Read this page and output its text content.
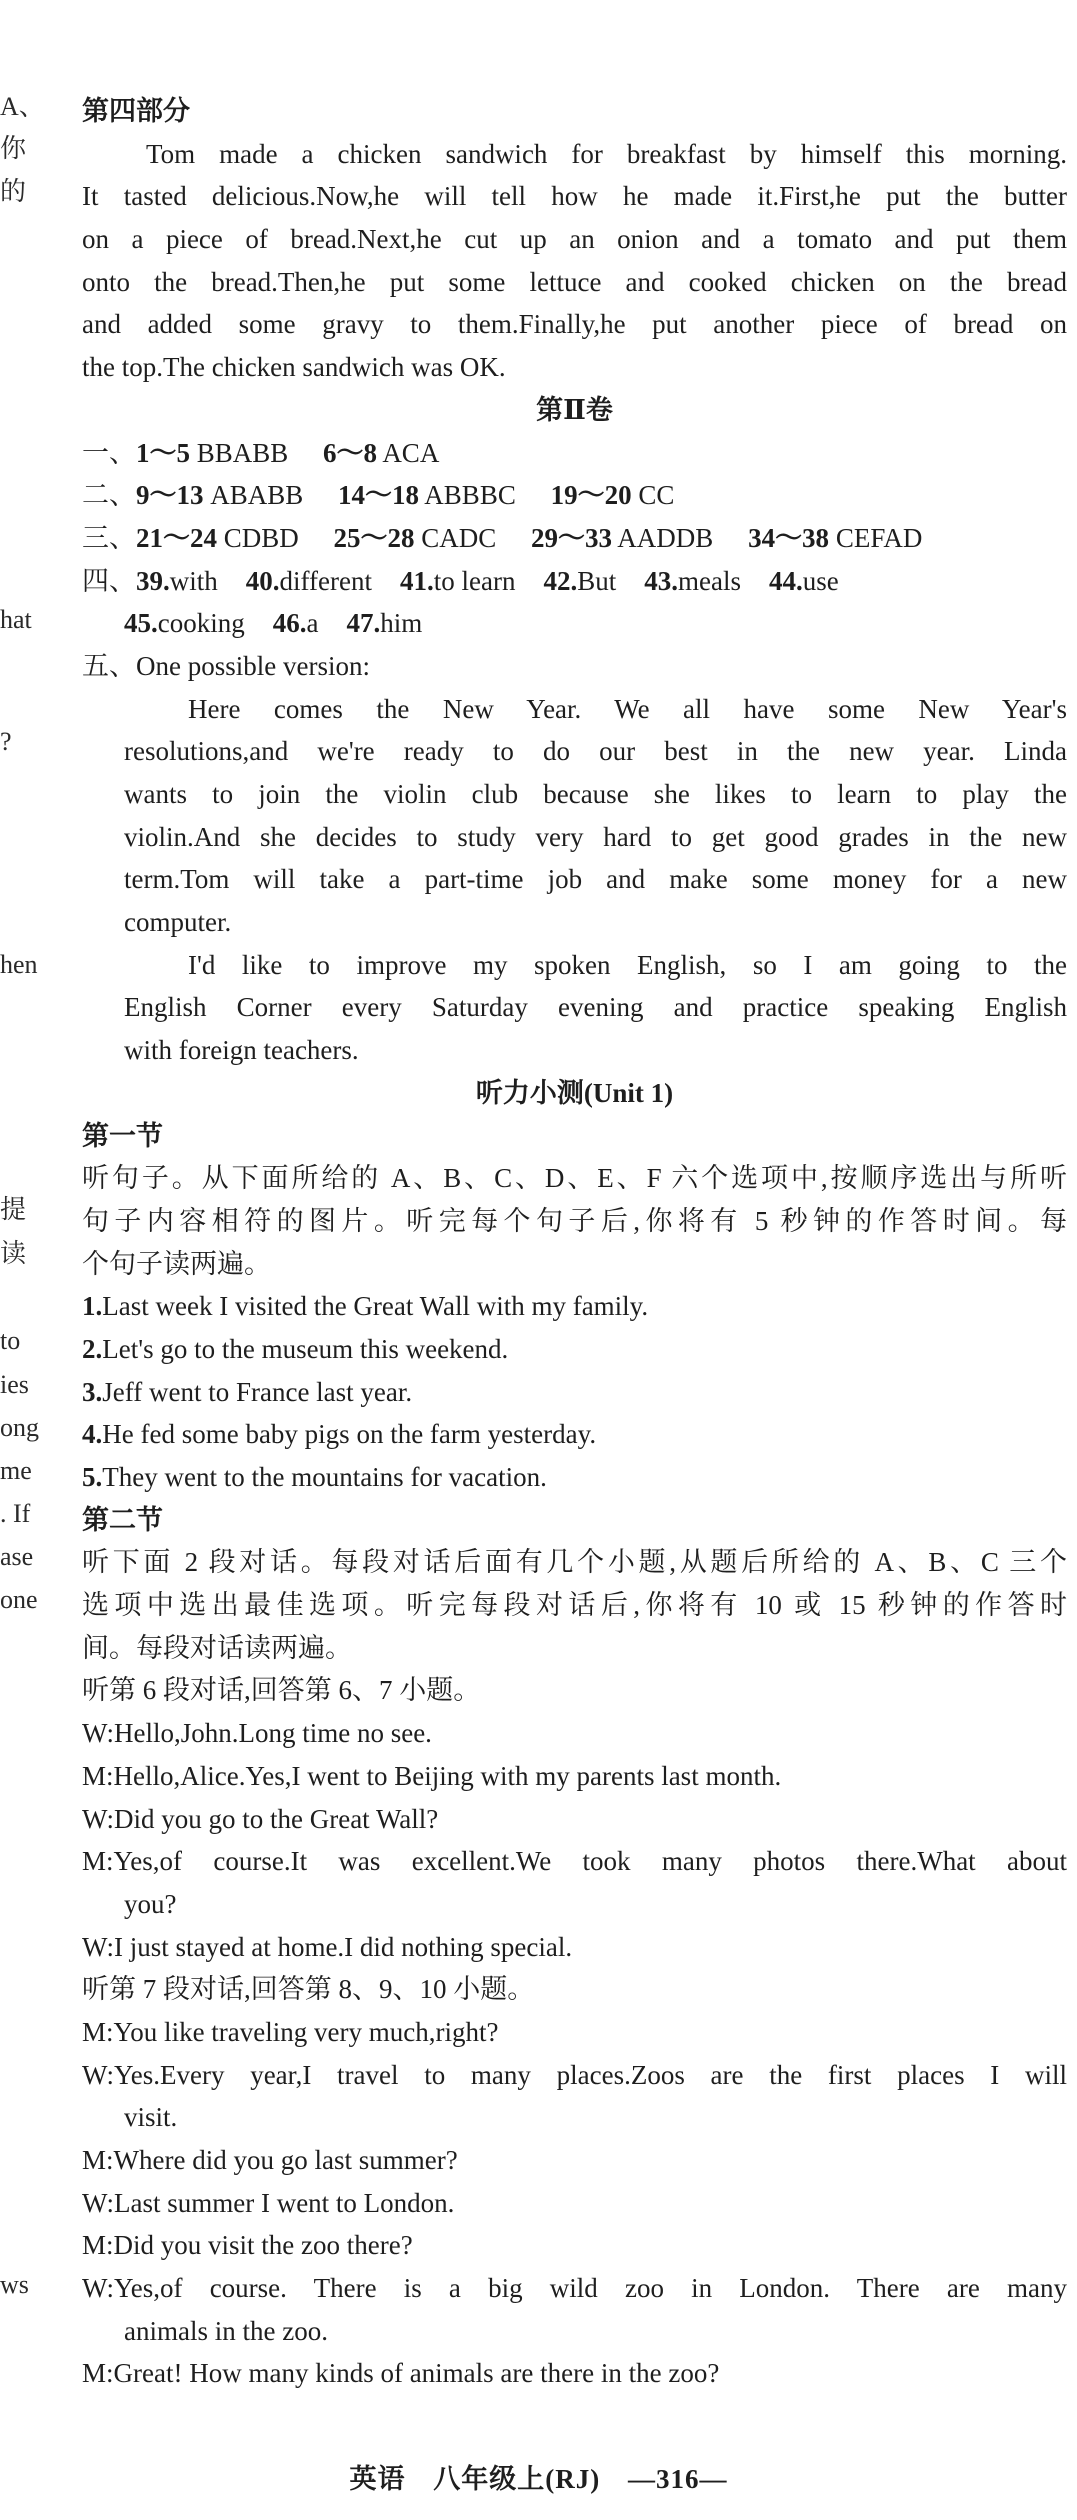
A、
你
的
hat
?
hen
提
读
to
ies
ong
me
. If
ase
one
ws
第四部分
Tom made a chicken sandwich for breakfast by himself this morning.
It tasted delicious.Now,he will tell how he made it.First,he put the butter
on a piece of bread.Next,he cut up an onion and a tomato and put them
onto the bread.Then,he put some lettuce and cooked chicken on the bread
and added some gravy to them.Finally,he put another piece of bread on
the top.The chicken sandwich was OK.
第Ⅱ卷
一、1～5 BBABB 6～8 ACA
二、9～13 ABABB 14～18 ABBBC 19～20 CC
三、21～24 CDBD 25～28 CADC 29～33 AADDB 34～38 CEFAD
四、39.with 40.different 41.to learn 42.But 43.meals 44.use
45.cooking 46.a 47.him
五、One possible version:
Here comes the New Year. We all have some New Year's
resolutions,and we're ready to do our best in the new year. Linda
wants to join the violin club because she likes to learn to play the
violin.And she decides to study very hard to get good grades in the new
term.Tom will take a part-time job and make some money for a new
computer.
I'd like to improve my spoken English, so I am going to the
English Corner every Saturday evening and practice speaking English
with foreign teachers.
听力小测(Unit 1)
第一节
听句子。从下面所给的 A、B、C、D、E、F 六个选项中,按顺序选出与所听
句子内容相符的图片。听完每个句子后,你将有 5 秒钟的作答时间。每
个句子读两遍。
1.Last week I visited the Great Wall with my family.
2.Let's go to the museum this weekend.
3.Jeff went to France last year.
4.He fed some baby pigs on the farm yesterday.
5.They went to the mountains for vacation.
第二节
听下面 2 段对话。每段对话后面有几个小题,从题后所给的 A、B、C 三个
选项中选出最佳选项。听完每段对话后,你将有 10 或 15 秒钟的作答时
间。每段对话读两遍。
听第 6 段对话,回答第 6、7 小题。
W:Hello,John.Long time no see.
M:Hello,Alice.Yes,I went to Beijing with my parents last month.
W:Did you go to the Great Wall?
M:Yes,of course.It was excellent.We took many photos there.What about
you?
W:I just stayed at home.I did nothing special.
听第 7 段对话,回答第 8、9、10 小题。
M:You like traveling very much,right?
W:Yes.Every year,I travel to many places.Zoos are the first places I will
visit.
M:Where did you go last summer?
W:Last summer I went to London.
M:Did you visit the zoo there?
W:Yes,of course. There is a big wild zoo in London. There are many
animals in the zoo.
M:Great! How many kinds of animals are there in the zoo?
英语 八年级上(RJ) —316—
